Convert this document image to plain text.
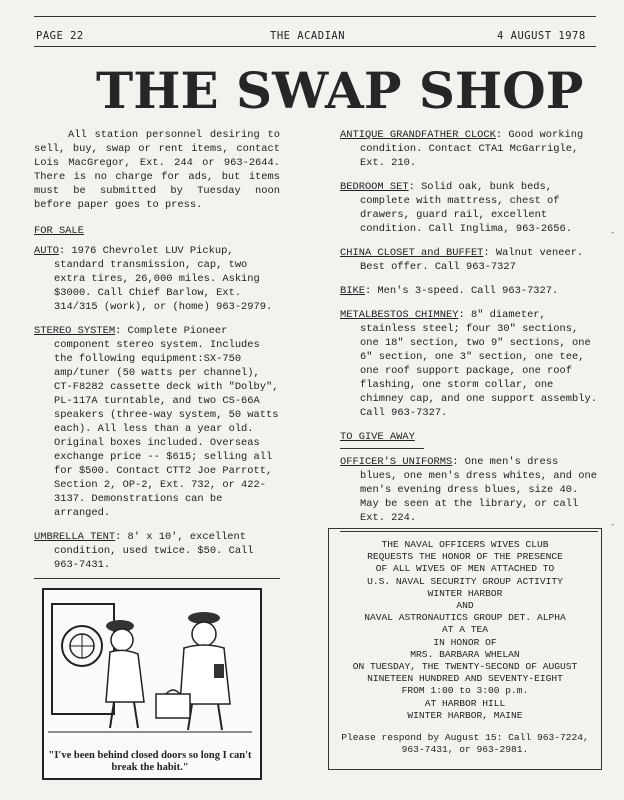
PAGE 22	THE ACADIAN	4 AUGUST 1978
THE SWAP SHOP

All station personnel desiring to sell, buy, swap or rent items, contact Lois MacGregor, Ext. 244 or 963-2644. There is no charge for ads, but items must be submitted by Tuesday noon before paper goes to press.

FOR SALE

AUTO: 1976 Chevrolet LUV Pickup, standard transmission, cap, two extra tires, 26,000 miles. Asking $3000. Call Chief Barlow, Ext. 314/315 (work), or (home) 963-2979.

STEREO SYSTEM: Complete Pioneer component stereo system. Includes the following equipment:SX-750 amp/tuner (50 watts per channel), CT-F8282 cassette deck with "Dolby", PL-117A turntable, and two CS-66A speakers (three-way system, 50 watts each). All less than a year old. Original boxes included. Overseas exchange price -- $615; selling all for $500. Contact CTT2 Joe Parrott, Section 2, OP-2, Ext. 732, or 422-3137. Demonstrations can be arranged.

UMBRELLA TENT: 8' x 10', excellent condition, used twice. $50. Call 963-7431.

ANTIQUE GRANDFATHER CLOCK: Good working condition. Contact CTA1 McGarrigle, Ext. 210.

BEDROOM SET: Solid oak, bunk beds, complete with mattress, chest of drawers, guard rail, excellent condition. Call Inglima, 963-2656.

CHINA CLOSET and BUFFET: Walnut veneer. Best offer. Call 963-7327

BIKE: Men's 3-speed. Call 963-7327.

METALBESTOS CHIMNEY: 8" diameter, stainless steel; four 30" sections, one 18" section, two 9" sections, one 6" section, one 3" section, one tee, one roof support package, one roof flashing, one storm collar, one chimney cap, and one support assembly. Call 963-7327.

TO GIVE AWAY

OFFICER'S UNIFORMS: One men's dress blues, one men's dress whites, and one men's evening dress blues, size 40. May be seen at the library, or call Ext. 224.

THE NAVAL OFFICERS WIVES CLUB
REQUESTS THE HONOR OF THE PRESENCE
OF ALL WIVES OF MEN ATTACHED TO
U.S. NAVAL SECURITY GROUP ACTIVITY
WINTER HARBOR
AND
NAVAL ASTRONAUTICS GROUP DET. ALPHA
AT A TEA
IN HONOR OF
MRS. BARBARA WHELAN
ON TUESDAY, THE TWENTY-SECOND OF AUGUST
NINETEEN HUNDRED AND SEVENTY-EIGHT
FROM 1:00 to 3:00 p.m.
AT HARBOR HILL
WINTER HARBOR, MAINE

Please respond by August 15: Call 963-7224, 963-7431, or 963-2981.

"I've been behind closed doors so long I can't break the habit."
-
-
